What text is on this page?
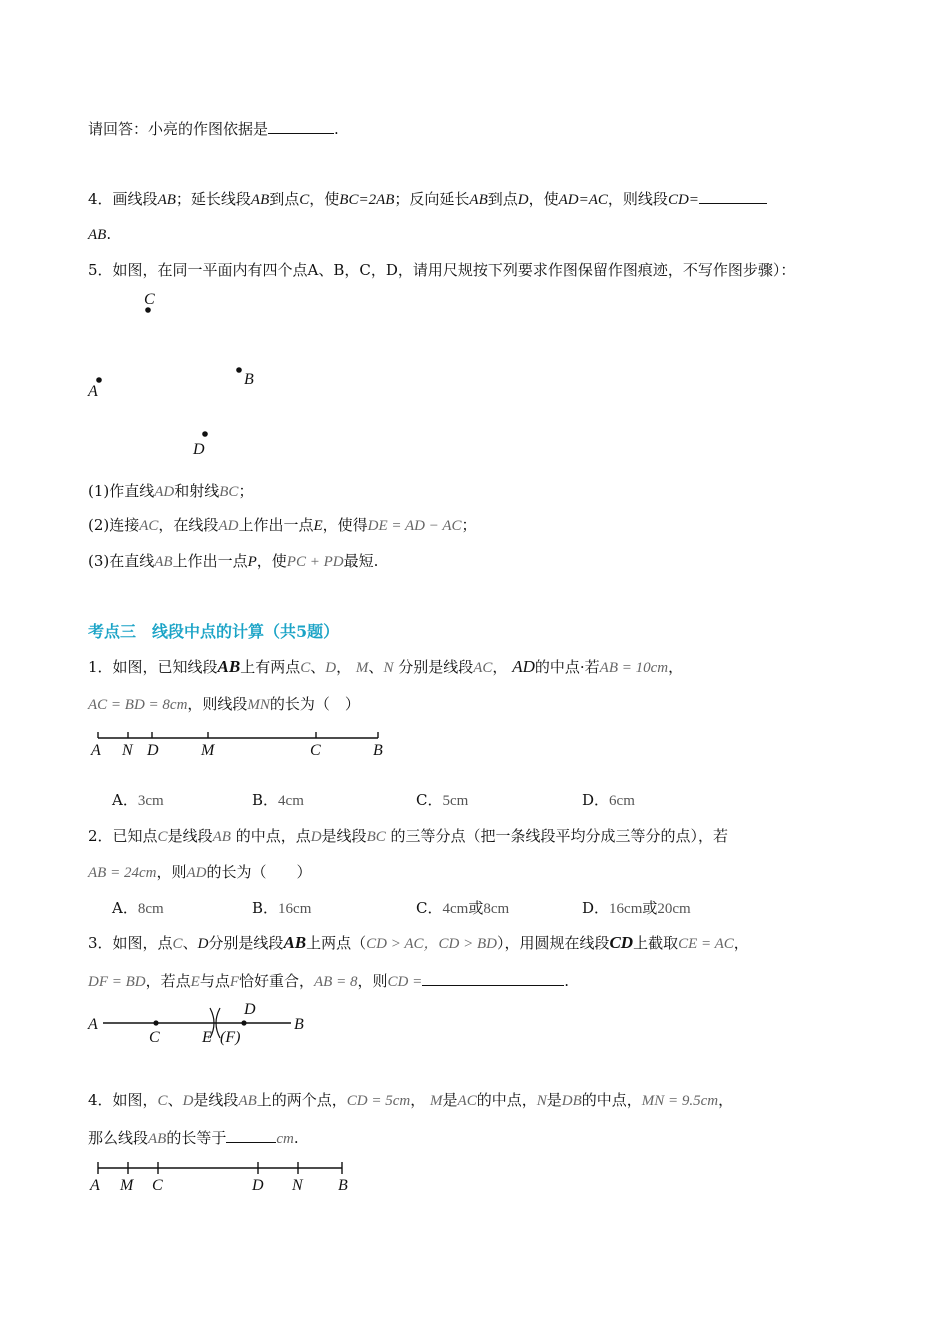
请回答：小亮的作图依据是	.
4．画线段AB；延长线段AB到点C，使BC=2AB；反向延长AB到点D，使AD=AC，则线段CD=
AB.
5．如图，在同一平面内有四个点A、B，C，D，请用尺规按下列要求作图保留作图痕迹，不写作图步骤）：
C
A
B
D
(1)作直线AD和射线BC；
(2)连接AC，在线段AD上作出一点E，使得DE = AD − AC；
(3)在直线AB上作出一点P，使PC + PD最短.
考点三　线段中点的计算（共5题）
1．如图，已知线段AB上有两点C、D， M、N 分别是线段AC， AD的中点·若AB = 10cm，
AC = BD = 8cm，则线段MN的长为（　）
A N D	M	C	B
A．3cm	B．4cm	C．5cm	D．6cm
2．已知点C是线段AB 的中点，点D是线段BC 的三等分点（把一条线段平均分成三等分的点），若
AB = 24cm，则AD的长为（　　）
A．8cm	B．16cm	C．4cm或8cm	D．16cm或20cm
3．如图，点C、D分别是线段AB上两点（CD > AC，CD > BD），用圆规在线段CD上截取CE = AC，
DF = BD，若点E与点F恰好重合，AB = 8，则CD =	.
A
C	E (F)
D
B
4．如图，C、D是线段AB上的两个点，CD = 5cm， M是AC的中点，N是DB的中点，MN = 9.5cm，
那么线段AB的长等于	cm.
A M C	D N B
